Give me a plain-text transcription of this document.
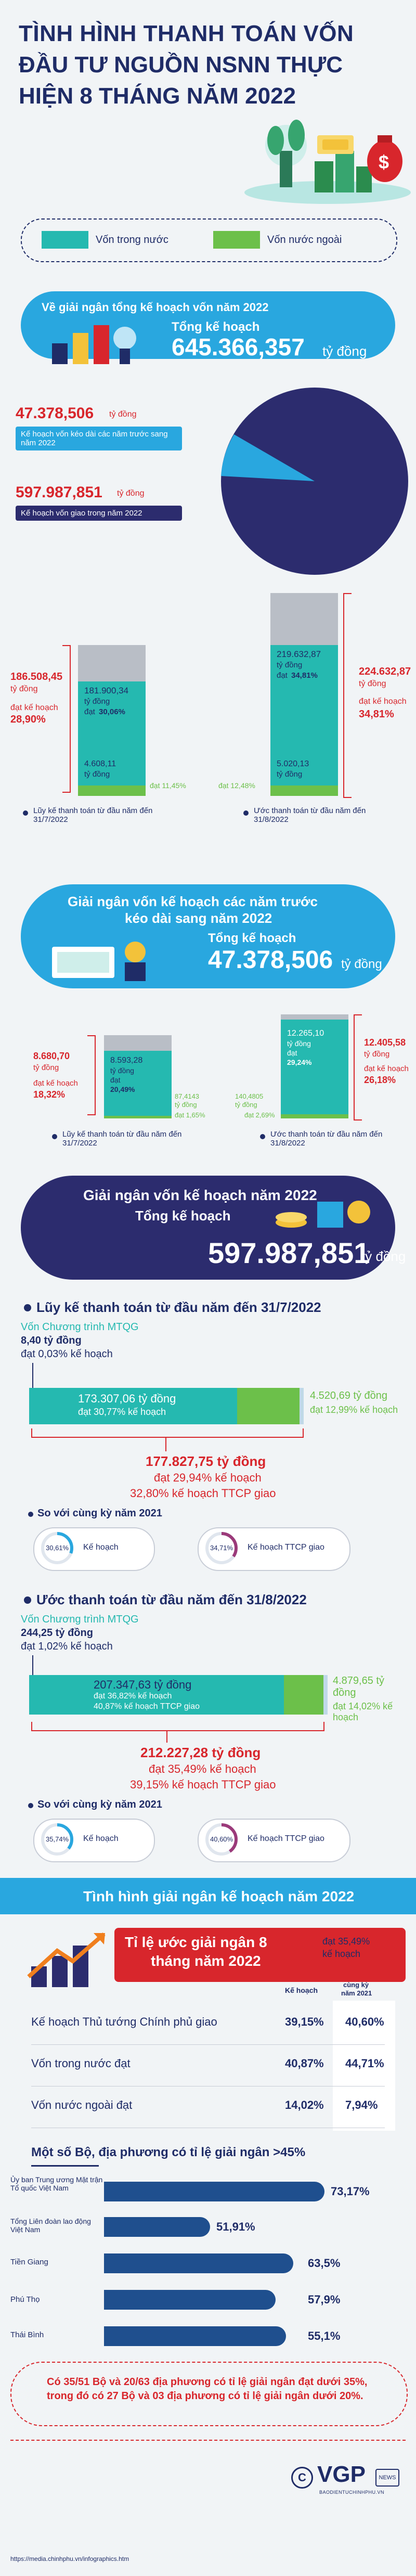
TÌNH HÌNH THANH TOÁN VỐN
ĐẦU TƯ NGUỒN NSNN THỰC
HIỆN 8 THÁNG NĂM 2022
$
Vốn trong nước	Vốn nước ngoài
Về giải ngân tổng kế hoạch vốn năm 2022
Tổng kế hoạch
645.366,357 tỷ đồng
47.378,506 tỷ đồng
Kế hoạch vốn kéo dài các năm trước sang năm 2022
597.987,851 tỷ đồng
Kế hoạch vốn giao trong năm 2022
186.508,45
tỷ đồng
đạt kế hoạch
28,90%
181.900,34
tỷ đồng
đạt 30,06%
4.608,11
tỷ đồng
đạt 11,45%
Lũy kế thanh toán từ đầu năm đến 31/7/2022
219.632,87
tỷ đồng
đạt 34,81%
5.020,13
tỷ đồng
đạt 12,48%
224.632,87
tỷ đồng
đạt kế hoạch
34,81%
Ước thanh toán từ đầu năm đến 31/8/2022
Giải ngân vốn kế hoạch các năm trước
kéo dài sang năm 2022
Tổng kế hoạch
47.378,506 tỷ đồng
8.680,70
tỷ đồng
đạt kế hoạch
18,32%
8.593,28
tỷ đồng
đạt
20,49%
87,4143
tỷ đồng
đạt 1,65%
Lũy kế thanh toán từ đầu năm đến 31/7/2022
12.265,10
tỷ đồng
đạt
29,24%
140,4805
tỷ đồng
đạt 2,69%
12.405,58
tỷ đồng
đạt kế hoạch
26,18%
Ước thanh toán từ đầu năm đến 31/8/2022
Giải ngân vốn kế hoạch năm 2022
Tổng kế hoạch
597.987,851
tỷ đồng
Lũy kế thanh toán từ đầu năm đến 31/7/2022
Vốn Chương trình MTQG
8,40 tỷ đồng
đạt 0,03% kế hoạch
173.307,06 tỷ đồng
đạt 30,77% kế hoạch
4.520,69 tỷ đồng
đạt 12,99% kế hoạch
177.827,75 tỷ đồng
đạt 29,94% kế hoạch
32,80% kế hoạch TTCP giao
So với cùng kỳ năm 2021
30,61% Kế hoạch	34,71% Kế hoạch TTCP giao
Ước thanh toán từ đầu năm đến 31/8/2022
Vốn Chương trình MTQG
244,25 tỷ đồng
đạt 1,02% kế hoạch
207.347,63 tỷ đồng
đạt 36,82% kế hoạch
40,87% kế hoạch TTCP giao
4.879,65 tỷ đồng
đạt 14,02% kế hoạch
212.227,28 tỷ đồng
đạt 35,49% kế hoạch
39,15% kế hoạch TTCP giao
So với cùng kỳ năm 2021
35,74% Kế hoạch	40,60% Kế hoạch TTCP giao
Tình hình giải ngân kế hoạch năm 2022
Tỉ lệ ước giải ngân 8
tháng năm 2022
đạt 35,49%
kế hoạch
Kế hoạch
cùng kỳ
năm 2021
Kế hoạch Thủ tướng Chính phủ giao	39,15% 40,60%
Vốn trong nước đạt	40,87% 44,71%
Vốn nước ngoài đạt	14,02% 7,94%
Một số Bộ, địa phương có tỉ lệ giải ngân >45%
Ủy ban Trung ương Mặt trận Tổ quốc Việt Nam	73,17%
Tổng Liên đoàn lao động Việt Nam	51,91%
Tiền Giang	63,5%
Phú Thọ	57,9%
Thái Bình	55,1%
Có 35/51 Bộ và 20/63 địa phương có tỉ lệ giải ngân đạt dưới 35%, trong đó có 27 Bộ và 03 địa phương có tỉ lệ giải ngân dưới 20%.
C VGP	NEWS
BAODIENTUCHINHPHU.VN
https://media.chinhphu.vn/infographics.htm
